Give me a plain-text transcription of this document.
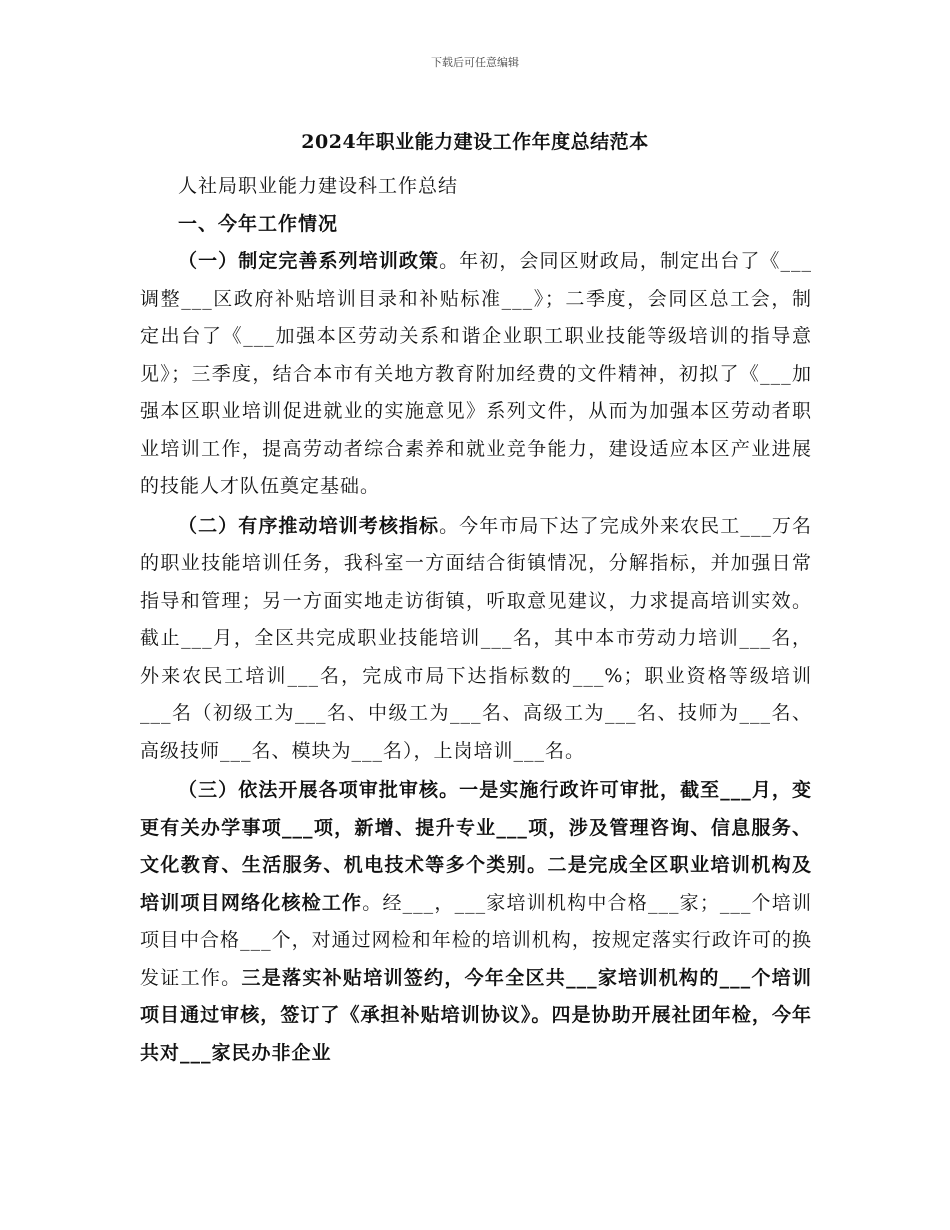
下载后可任意编辑
2024年职业能力建设工作年度总结范本

人社局职业能力建设科工作总结

一、今年工作情况

（一）制定完善系列培训政策。年初，会同区财政局，制定出台了《___调整___区政府补贴培训目录和补贴标准___》；二季度，会同区总工会，制定出台了《___加强本区劳动关系和谐企业职工职业技能等级培训的指导意见》；三季度，结合本市有关地方教育附加经费的文件精神，初拟了《___加强本区职业培训促进就业的实施意见》系列文件，从而为加强本区劳动者职业培训工作，提高劳动者综合素养和就业竞争能力，建设适应本区产业进展的技能人才队伍奠定基础。

（二）有序推动培训考核指标。今年市局下达了完成外来农民工___万名的职业技能培训任务，我科室一方面结合街镇情况，分解指标，并加强日常指导和管理；另一方面实地走访街镇，听取意见建议，力求提高培训实效。截止___月，全区共完成职业技能培训___名，其中本市劳动力培训___名，外来农民工培训___名，完成市局下达指标数的___%；职业资格等级培训___名（初级工为___名、中级工为___名、高级工为___名、技师为___名、高级技师___名、模块为___名），上岗培训___名。

（三）依法开展各项审批审核。一是实施行政许可审批，截至___月，变更有关办学事项___项，新增、提升专业___项，涉及管理咨询、信息服务、文化教育、生活服务、机电技术等多个类别。二是完成全区职业培训机构及培训项目网络化核检工作。经___，___家培训机构中合格___家；___个培训项目中合格___个，对通过网检和年检的培训机构，按规定落实行政许可的换发证工作。三是落实补贴培训签约，今年全区共___家培训机构的___个培训项目通过审核，签订了《承担补贴培训协议》。四是协助开展社团年检，今年共对___家民办非企业
